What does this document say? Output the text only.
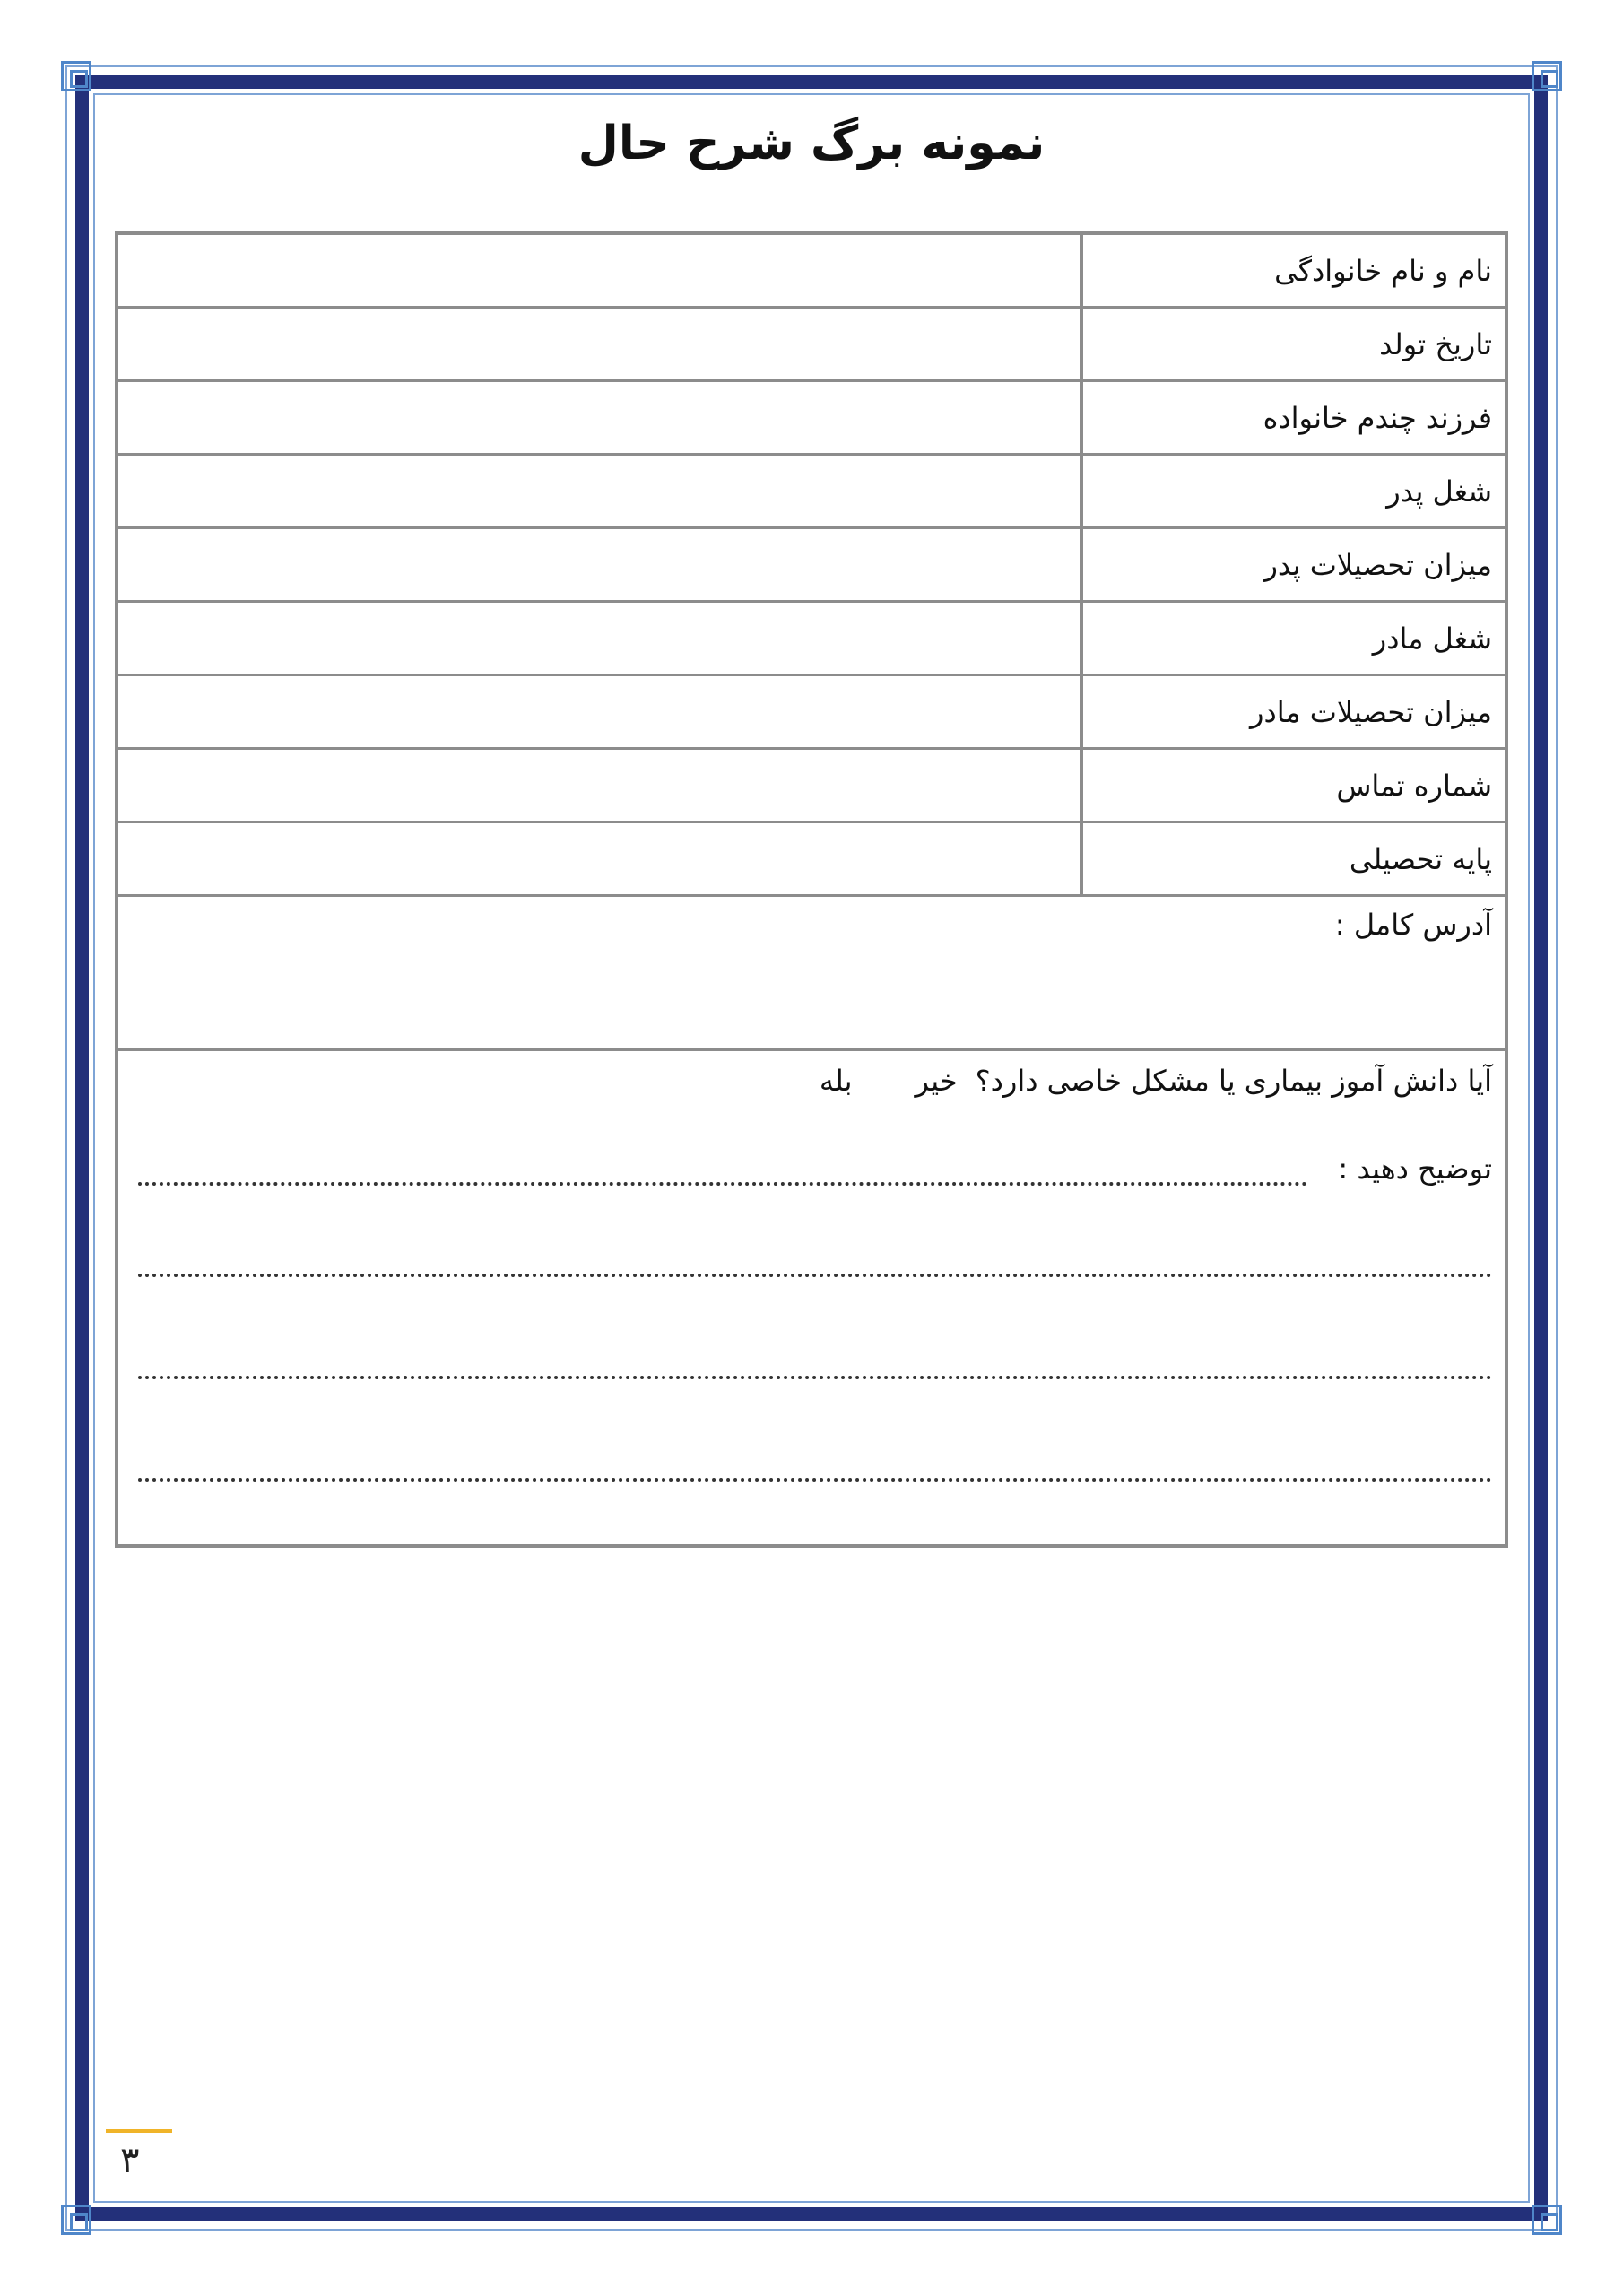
نمونه برگ شرح حال
نام و نام خانوادگی
تاریخ تولد
فرزند چندم خانواده
شغل پدر
میزان تحصیلات پدر
شغل مادر
میزان تحصیلات مادر
شماره تماس
پایه تحصیلی
آدرس کامل :
آیا دانش آموز بیماری یا مشکل خاصی دارد؟خیربله
توضیح دهید :
۳
